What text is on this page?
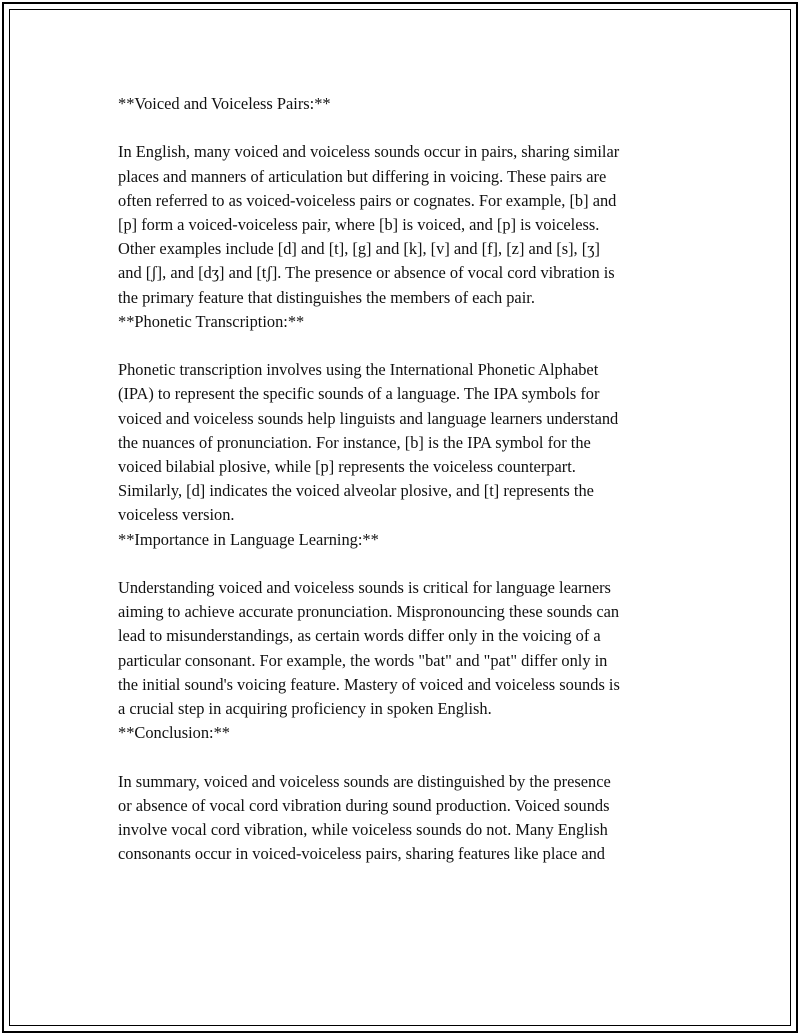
**Voiced and Voiceless Pairs:**

In English, many voiced and voiceless sounds occur in pairs, sharing similar
places and manners of articulation but differing in voicing. These pairs are
often referred to as voiced-voiceless pairs or cognates. For example, [b] and
[p] form a voiced-voiceless pair, where [b] is voiced, and [p] is voiceless.
Other examples include [d] and [t], [g] and [k], [v] and [f], [z] and [s], [ʒ]
and [ʃ], and [dʒ] and [tʃ]. The presence or absence of vocal cord vibration is
the primary feature that distinguishes the members of each pair.

**Phonetic Transcription:**

Phonetic transcription involves using the International Phonetic Alphabet
(IPA) to represent the specific sounds of a language. The IPA symbols for
voiced and voiceless sounds help linguists and language learners understand
the nuances of pronunciation. For instance, [b] is the IPA symbol for the
voiced bilabial plosive, while [p] represents the voiceless counterpart.
Similarly, [d] indicates the voiced alveolar plosive, and [t] represents the
voiceless version.

**Importance in Language Learning:**

Understanding voiced and voiceless sounds is critical for language learners
aiming to achieve accurate pronunciation. Mispronouncing these sounds can
lead to misunderstandings, as certain words differ only in the voicing of a
particular consonant. For example, the words "bat" and "pat" differ only in
the initial sound's voicing feature. Mastery of voiced and voiceless sounds is
a crucial step in acquiring proficiency in spoken English.

**Conclusion:**

In summary, voiced and voiceless sounds are distinguished by the presence
or absence of vocal cord vibration during sound production. Voiced sounds
involve vocal cord vibration, while voiceless sounds do not. Many English
consonants occur in voiced-voiceless pairs, sharing features like place and
